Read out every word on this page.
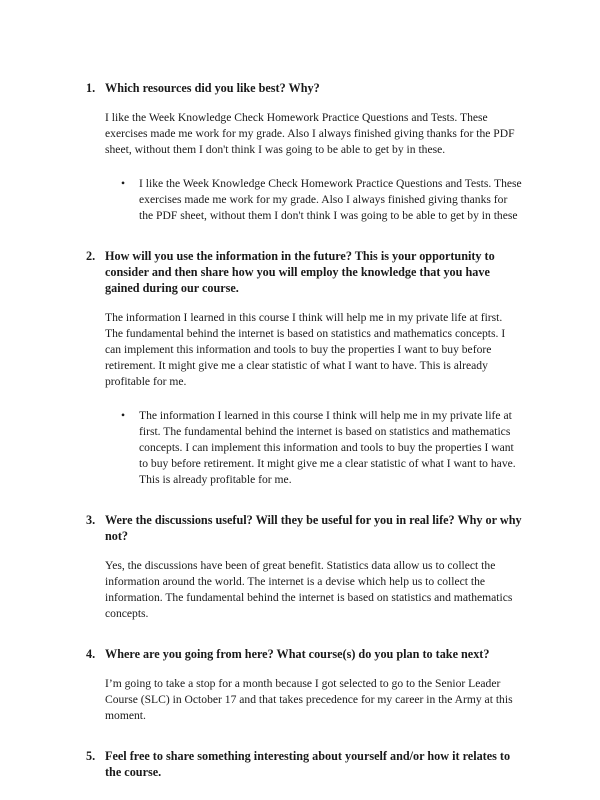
1. Which resources did you like best? Why?

I like the Week Knowledge Check Homework Practice Questions and Tests. These exercises made me work for my grade. Also I always finished giving thanks for the PDF sheet, without them I don't think I was going to be able to get by in these.

• I like the Week Knowledge Check Homework Practice Questions and Tests. These exercises made me work for my grade. Also I always finished giving thanks for the PDF sheet, without them I don't think I was going to be able to get by in these

2. How will you use the information in the future? This is your opportunity to consider and then share how you will employ the knowledge that you have gained during our course.

The information I learned in this course I think will help me in my private life at first. The fundamental behind the internet is based on statistics and mathematics concepts. I can implement this information and tools to buy the properties I want to buy before retirement. It might give me a clear statistic of what I want to have. This is already profitable for me.

• The information I learned in this course I think will help me in my private life at first. The fundamental behind the internet is based on statistics and mathematics concepts. I can implement this information and tools to buy the properties I want to buy before retirement. It might give me a clear statistic of what I want to have. This is already profitable for me.

3. Were the discussions useful? Will they be useful for you in real life? Why or why not?

Yes, the discussions have been of great benefit. Statistics data allow us to collect the information around the world. The internet is a devise which help us to collect the information. The fundamental behind the internet is based on statistics and mathematics concepts.

4. Where are you going from here? What course(s) do you plan to take next?

I’m going to take a stop for a month because I got selected to go to the Senior Leader Course (SLC) in October 17 and that takes precedence for my career in the Army at this moment.

5. Feel free to share something interesting about yourself and/or how it relates to the course.
